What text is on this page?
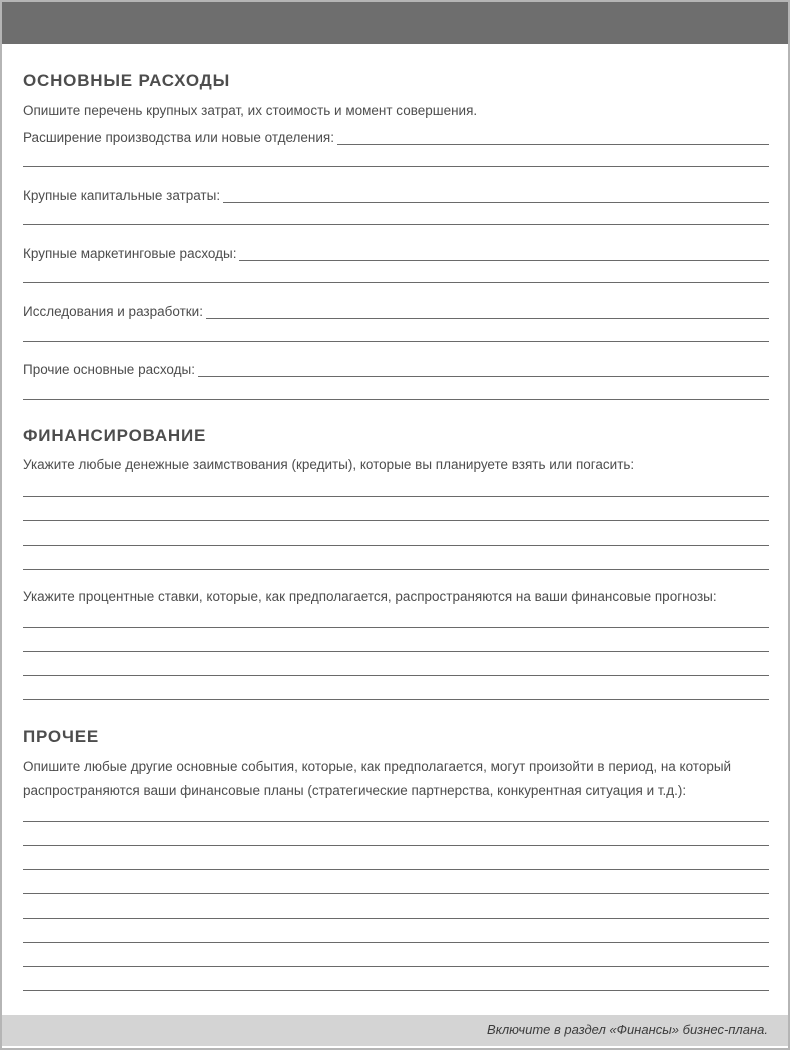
ОСНОВНЫЕ РАСХОДЫ
Опишите перечень крупных затрат, их стоимость и момент совершения.
Расширение производства или новые отделения:
Крупные капитальные затраты:
Крупные маркетинговые расходы:
Исследования и разработки:
Прочие основные расходы:
ФИНАНСИРОВАНИЕ
Укажите любые денежные заимствования (кредиты), которые вы планируете взять или погасить:
Укажите процентные ставки, которые, как предполагается, распространяются на ваши финансовые прогнозы:
ПРОЧЕЕ
Опишите любые другие основные события, которые, как предполагается, могут произойти в период, на который
распространяются ваши финансовые планы (стратегические партнерства, конкурентная ситуация и т.д.):
Включите в раздел «Финансы» бизнес-плана.
